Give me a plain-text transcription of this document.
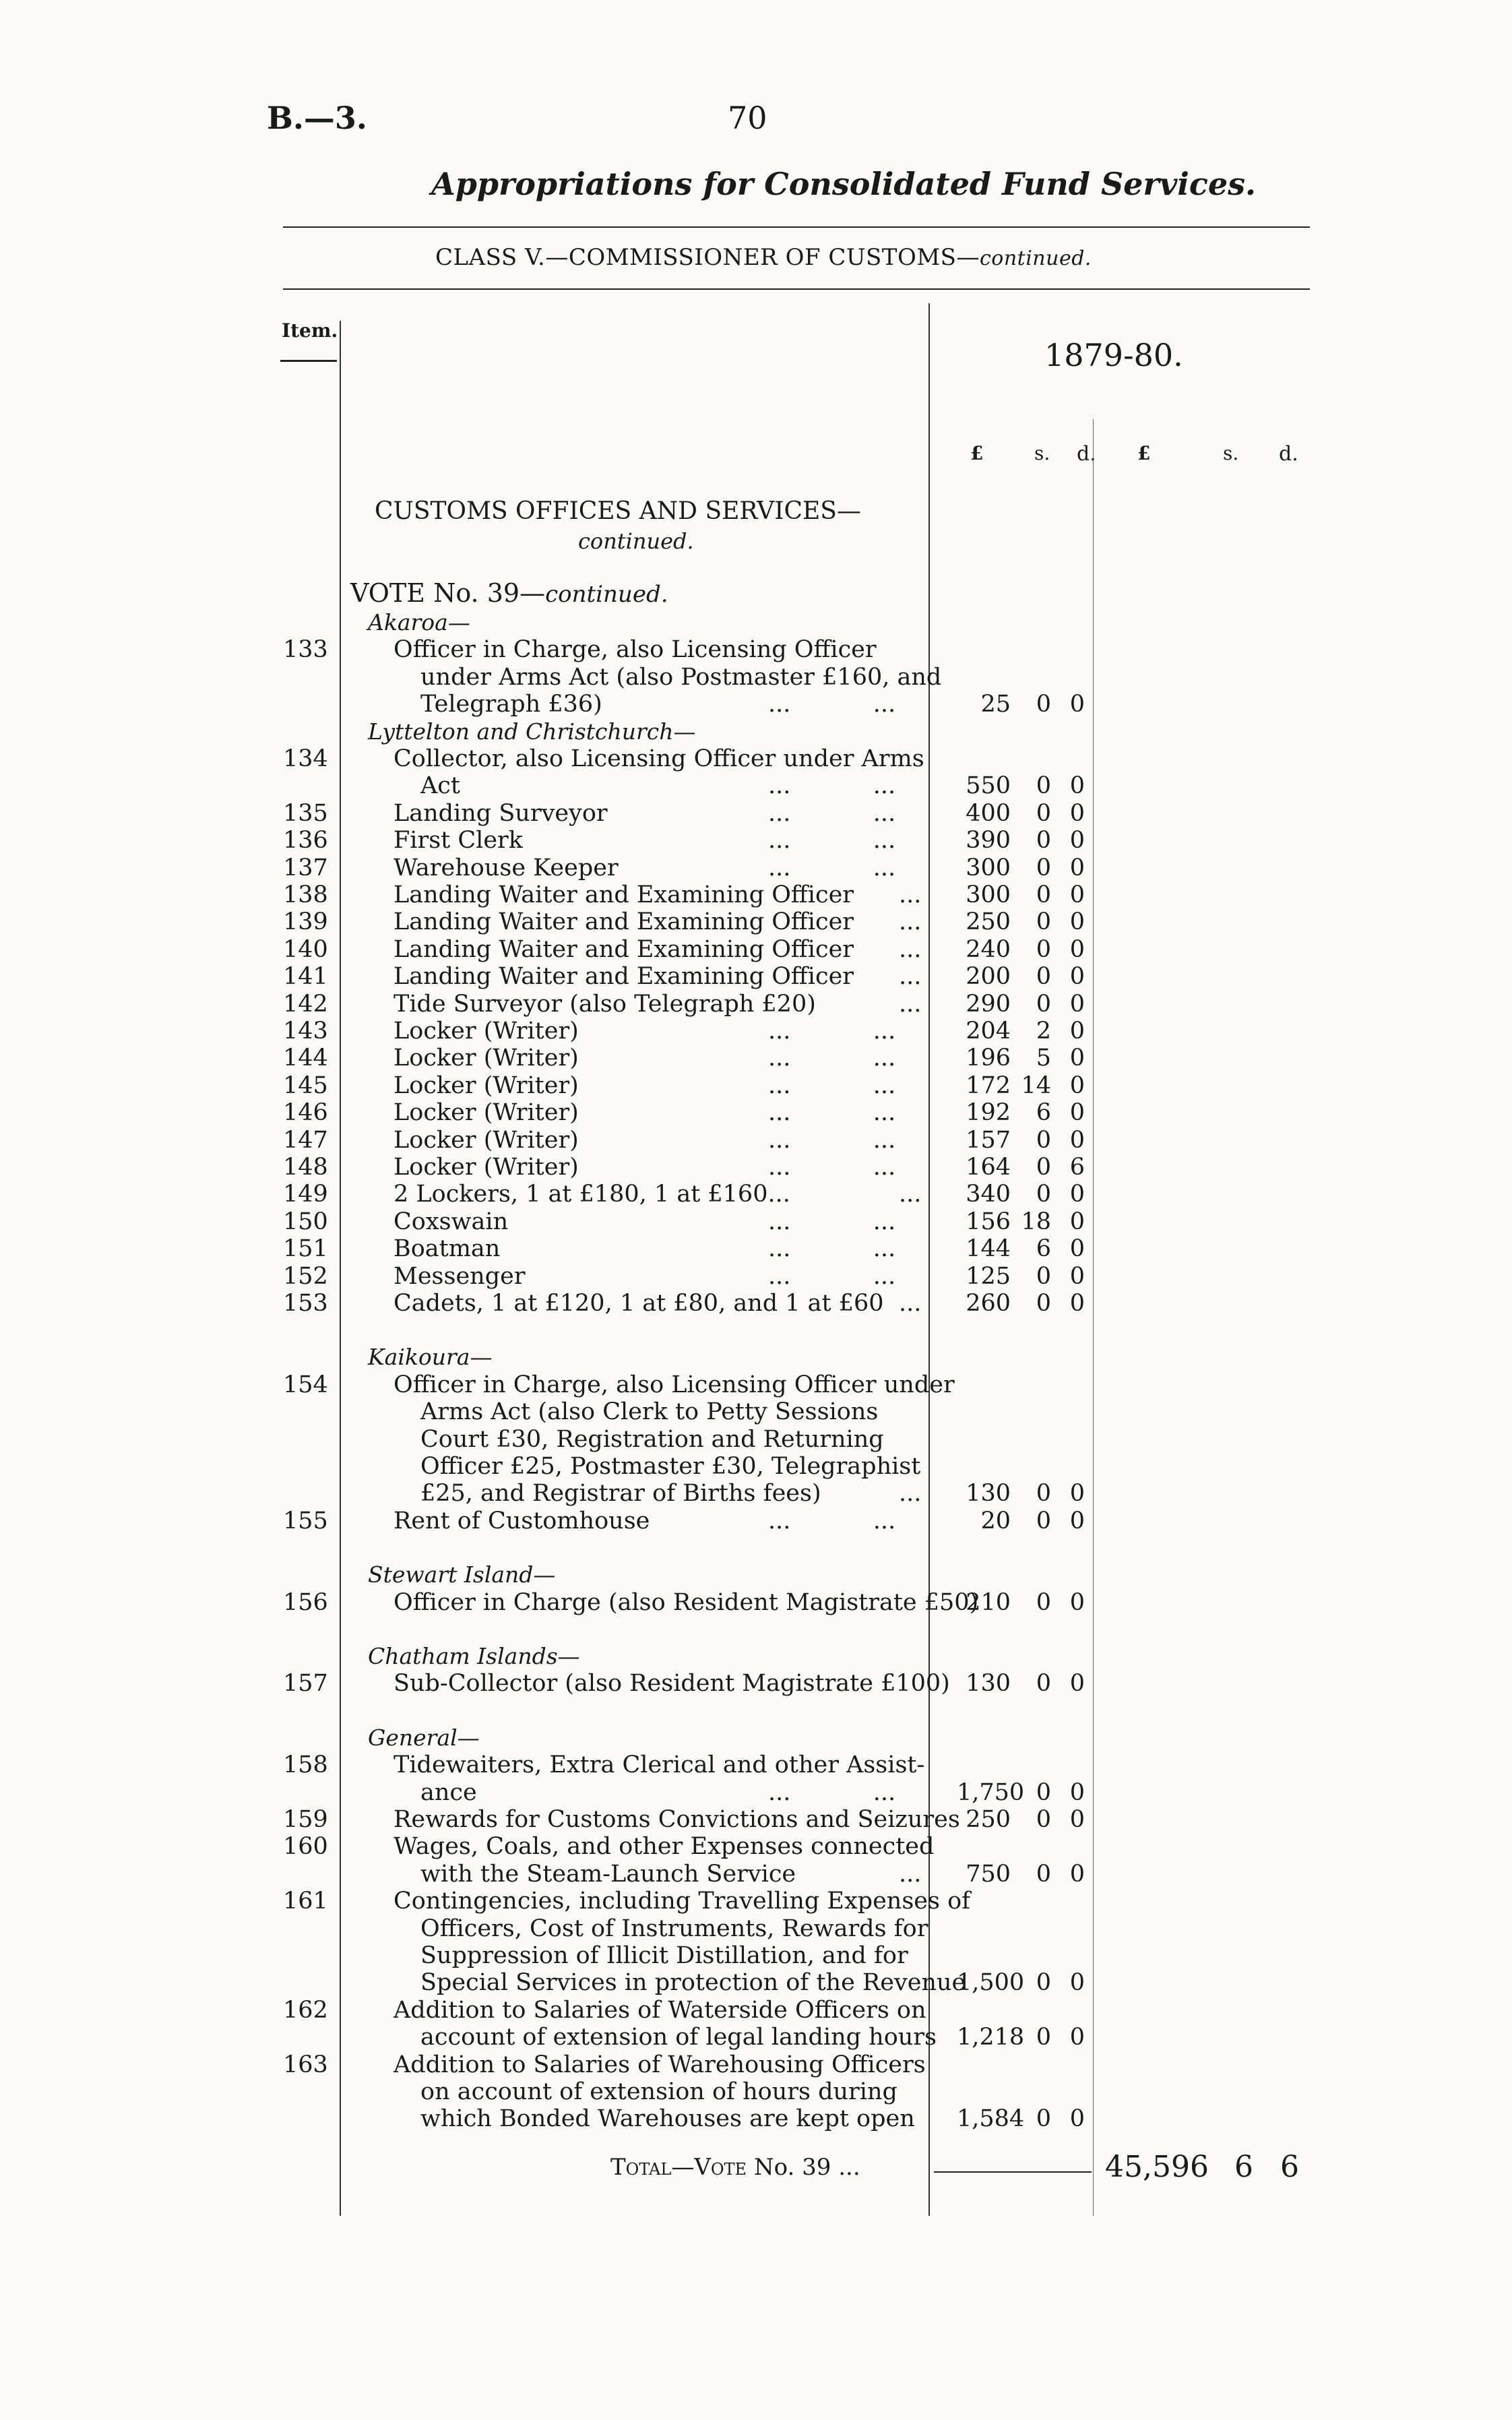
B.—3.	70
Appropriations for Consolidated Fund Services.
CLASS V.—COMMISSIONER OF CUSTOMS—continued.
Item.
1879-80.
£	s. d. £	s. d.
CUSTOMS OFFICES AND SERVICES—
continued.
VOTE No. 39—continued.
Akaroa—
133	Officer in Charge, also Licensing Officer
under Arms Act (also Postmaster £160, and
Telegraph £36)	...           ...	25	0 0
Lyttelton and Christchurch—
134	Collector, also Licensing Officer under Arms
Act	...           ...	550	0 0
135	Landing Surveyor	...           ...	400	0 0
136	First Clerk	...           ...	390	0 0
137	Warehouse Keeper	...           ...	300	0 0
138	Landing Waiter and Examining Officer ...	300	0 0
139	Landing Waiter and Examining Officer ...	250	0 0
140	Landing Waiter and Examining Officer ...	240	0 0
141	Landing Waiter and Examining Officer ...	200	0 0
142	Tide Surveyor (also Telegraph £20)	...	290	0 0
143	Locker (Writer)	...           ...	204	2 0
144	Locker (Writer)	...           ...	196	5 0
145	Locker (Writer)	...           ...	172 14 0
146	Locker (Writer)	...           ...	192	6 0
147	Locker (Writer)	...           ...	157	0 0
148	Locker (Writer)	...           ...	164	0 6
149	2 Lockers, 1 at £180, 1 at £160...	...	340	0 0
150	Coxswain	...           ...	156 18 0
151	Boatman	...           ...	144	6 0
152	Messenger	...           ...	125	0 0
153	Cadets, 1 at £120, 1 at £80, and 1 at £60 ...	260	0 0
Kaikoura—
154	Officer in Charge, also Licensing Officer under
Arms Act (also Clerk to Petty Sessions
Court £30, Registration and Returning
Officer £25, Postmaster £30, Telegraphist
£25, and Registrar of Births fees)	...	130	0 0
155	Rent of Customhouse	...           ...	20	0 0
Stewart Island—
156	Officer in Charge (also Resident Magistrate £50)
210	0 0
Chatham Islands—
157	Sub-Collector (also Resident Magistrate £100) 130	0 0
General—
158	Tidewaiters, Extra Clerical and other Assist-
ance	...           ...	1,750 0 0
159	Rewards for Customs Convictions and Seizures 250	0 0
160	Wages, Coals, and other Expenses connected
with the Steam-Launch Service	...	750	0 0
161	Contingencies, including Travelling Expenses of
Officers, Cost of Instruments, Rewards for
Suppression of Illicit Distillation, and for
Special Services in protection of the Revenue
1,500 0 0
162	Addition to Salaries of Waterside Officers on
account of extension of legal landing hours 1,218 0 0
163	Addition to Salaries of Warehousing Officers
on account of extension of hours during
which Bonded Warehouses are kept open 1,584 0 0
Total—Vote No. 39 ...	45,596 6 6
